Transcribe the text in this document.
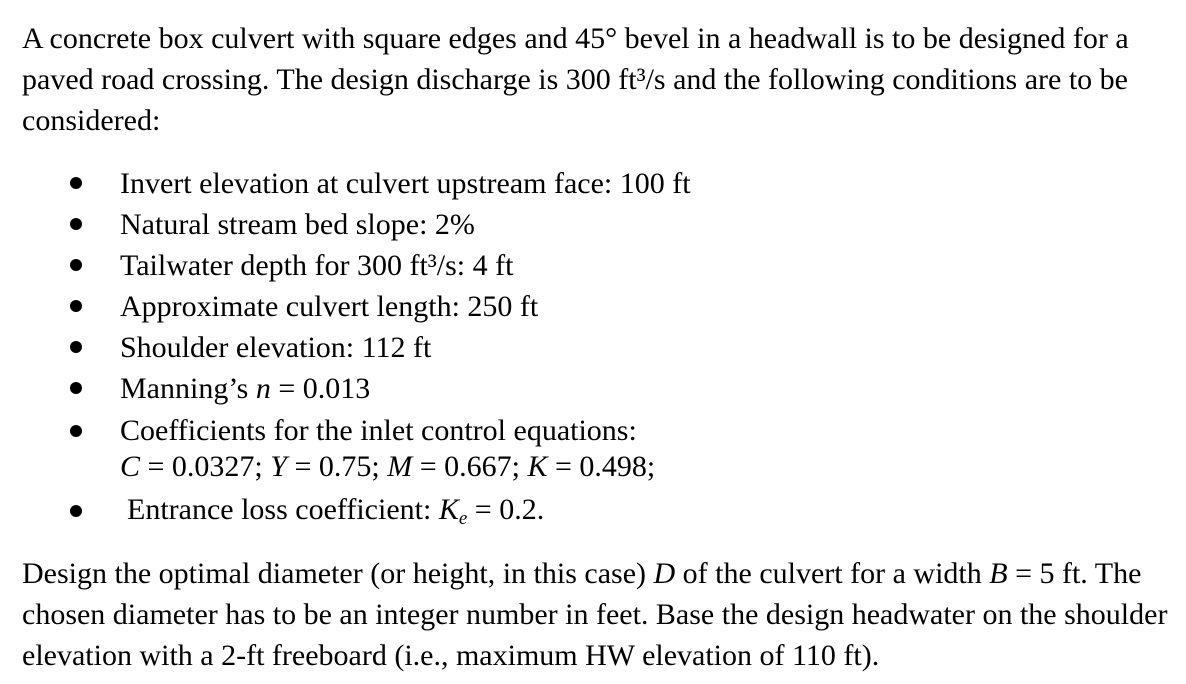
A concrete box culvert with square edges and 45° bevel in a headwall is to be designed for a paved road crossing. The design discharge is 300 ft³/s and the following conditions are to be considered:

Invert elevation at culvert upstream face: 100 ft
Natural stream bed slope: 2%
Tailwater depth for 300 ft³/s: 4 ft
Approximate culvert length: 250 ft
Shoulder elevation: 112 ft
Manning’s n = 0.013
Coefficients for the inlet control equations:
C = 0.0327; Y = 0.75; M = 0.667; K = 0.498;
Entrance loss coefficient: $K_e = 0.2$.

Design the optimal diameter (or height, in this case) D of the culvert for a width B = 5 ft. The chosen diameter has to be an integer number in feet. Base the design headwater on the shoulder elevation with a 2-ft freeboard (i.e., maximum HW elevation of 110 ft).
